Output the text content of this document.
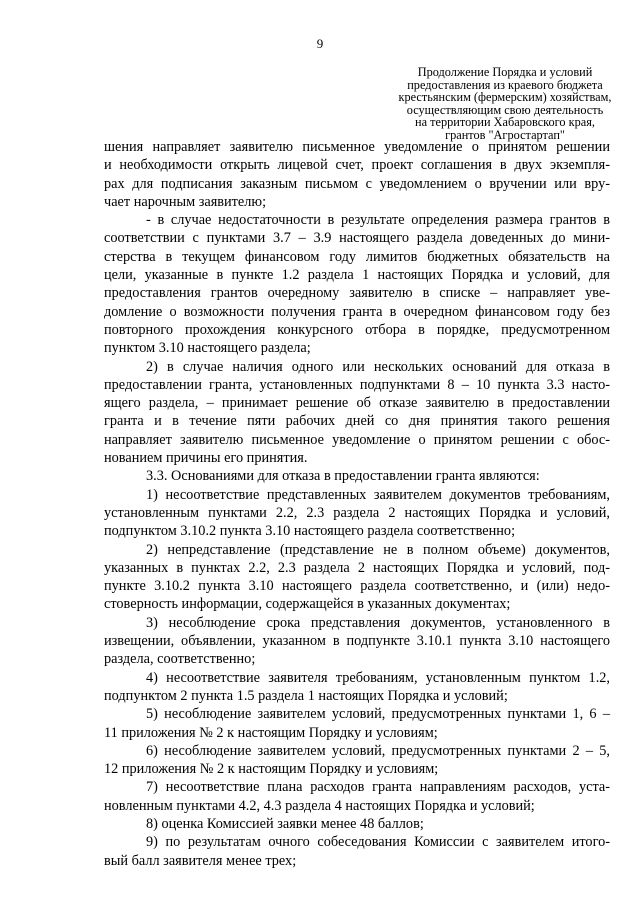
9
Продолжение Порядка и условий
предоставления из краевого бюджета
крестьянским (фермерским) хозяйствам,
осуществляющим свою деятельность
на территории Хабаровского края,
грантов "Агростартап"
шения направляет заявителю письменное уведомление о принятом решении
и необходимости открыть лицевой счет, проект соглашения в двух экземпля-
рах для подписания заказным письмом с уведомлением о вручении или вру-
чает нарочным заявителю;
- в случае недостаточности в результате определения размера грантов в
соответствии с пунктами 3.7 – 3.9 настоящего раздела доведенных до мини-
стерства в текущем финансовом году лимитов бюджетных обязательств на
цели, указанные в пункте 1.2 раздела 1 настоящих Порядка и условий, для
предоставления грантов очередному заявителю в списке – направляет уве-
домление о возможности получения гранта в очередном финансовом году без
повторного прохождения конкурсного отбора в порядке, предусмотренном
пунктом 3.10 настоящего раздела;
2) в случае наличия одного или нескольких оснований для отказа в
предоставлении гранта, установленных подпунктами 8 – 10 пункта 3.3 насто-
ящего раздела, – принимает решение об отказе заявителю в предоставлении
гранта и в течение пяти рабочих дней со дня принятия такого решения
направляет заявителю письменное уведомление о принятом решении с обос-
нованием причины его принятия.
3.3. Основаниями для отказа в предоставлении гранта являются:
1) несоответствие представленных заявителем документов требованиям,
установленным пунктами 2.2, 2.3 раздела 2 настоящих Порядка и условий,
подпунктом 3.10.2 пункта 3.10 настоящего раздела соответственно;
2) непредставление (представление не в полном объеме) документов,
указанных в пунктах 2.2, 2.3 раздела 2 настоящих Порядка и условий, под-
пункте 3.10.2 пункта 3.10 настоящего раздела соответственно, и (или) недо-
стоверность информации, содержащейся в указанных документах;
3) несоблюдение срока представления документов, установленного в
извещении, объявлении, указанном в подпункте 3.10.1 пункта 3.10 настоящего
раздела, соответственно;
4) несоответствие заявителя требованиям, установленным пунктом 1.2,
подпунктом 2 пункта 1.5 раздела 1 настоящих Порядка и условий;
5) несоблюдение заявителем условий, предусмотренных пунктами 1, 6 –
11 приложения № 2 к настоящим Порядку и условиям;
6) несоблюдение заявителем условий, предусмотренных пунктами 2 – 5,
12 приложения № 2 к настоящим Порядку и условиям;
7) несоответствие плана расходов гранта направлениям расходов, уста-
новленным пунктами 4.2, 4.3 раздела 4 настоящих Порядка и условий;
8) оценка Комиссией заявки менее 48 баллов;
9) по результатам очного собеседования Комиссии с заявителем итого-
вый балл заявителя менее трех;
